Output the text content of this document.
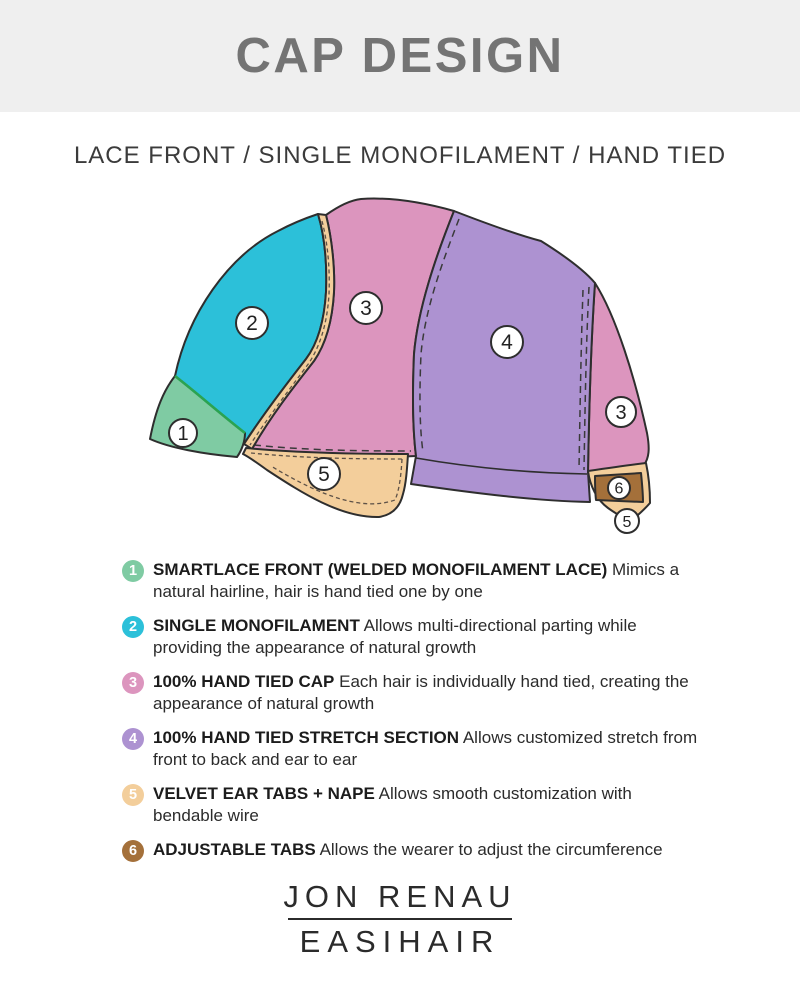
CAP DESIGN
LACE FRONT / SINGLE MONOFILAMENT / HAND TIED
1
2
3
4
3
5
6
5
1 SMARTLACE FRONT (WELDED MONOFILAMENT LACE) Mimics a natural hairline, hair is hand tied one by one
2 SINGLE MONOFILAMENT Allows multi-directional parting while providing the appearance of natural growth
3 100% HAND TIED CAP Each hair is individually hand tied, creating the appearance of natural growth
4 100% HAND TIED STRETCH SECTION Allows customized stretch from front to back and ear to ear
5 VELVET EAR TABS + NAPE Allows smooth customization with bendable wire
6 ADJUSTABLE TABS Allows the wearer to adjust the circumference
JON RENAU
EASIHAIR
